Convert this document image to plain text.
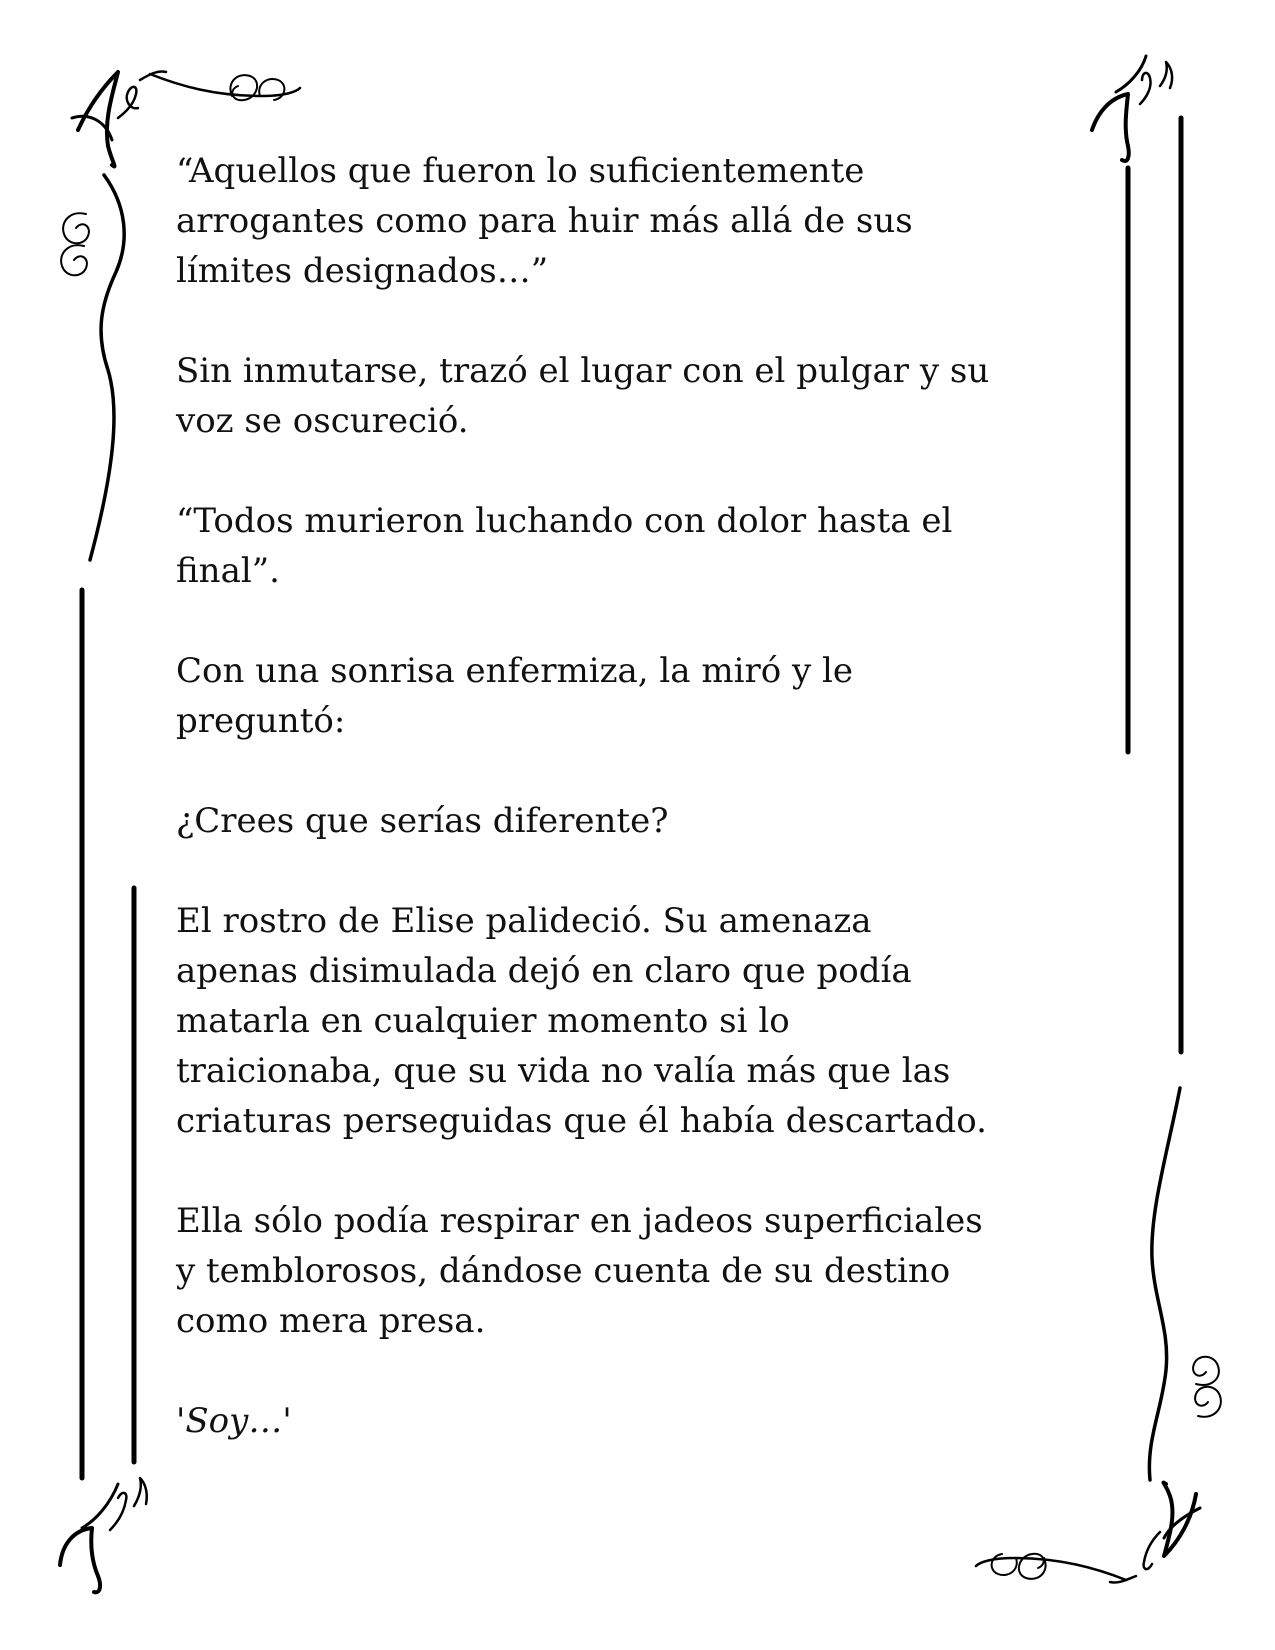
“Aquellos que fueron lo suficientemente
arrogantes como para huir más allá de sus
límites designados…”

Sin inmutarse, trazó el lugar con el pulgar y su
voz se oscureció.

“Todos murieron luchando con dolor hasta el
final”.

Con una sonrisa enfermiza, la miró y le
preguntó:

¿Crees que serías diferente?

El rostro de Elise palideció. Su amenaza
apenas disimulada dejó en claro que podía
matarla en cualquier momento si lo
traicionaba, que su vida no valía más que las
criaturas perseguidas que él había descartado.

Ella sólo podía respirar en jadeos superficiales
y temblorosos, dándose cuenta de su destino
como mera presa.

'Soy…'
